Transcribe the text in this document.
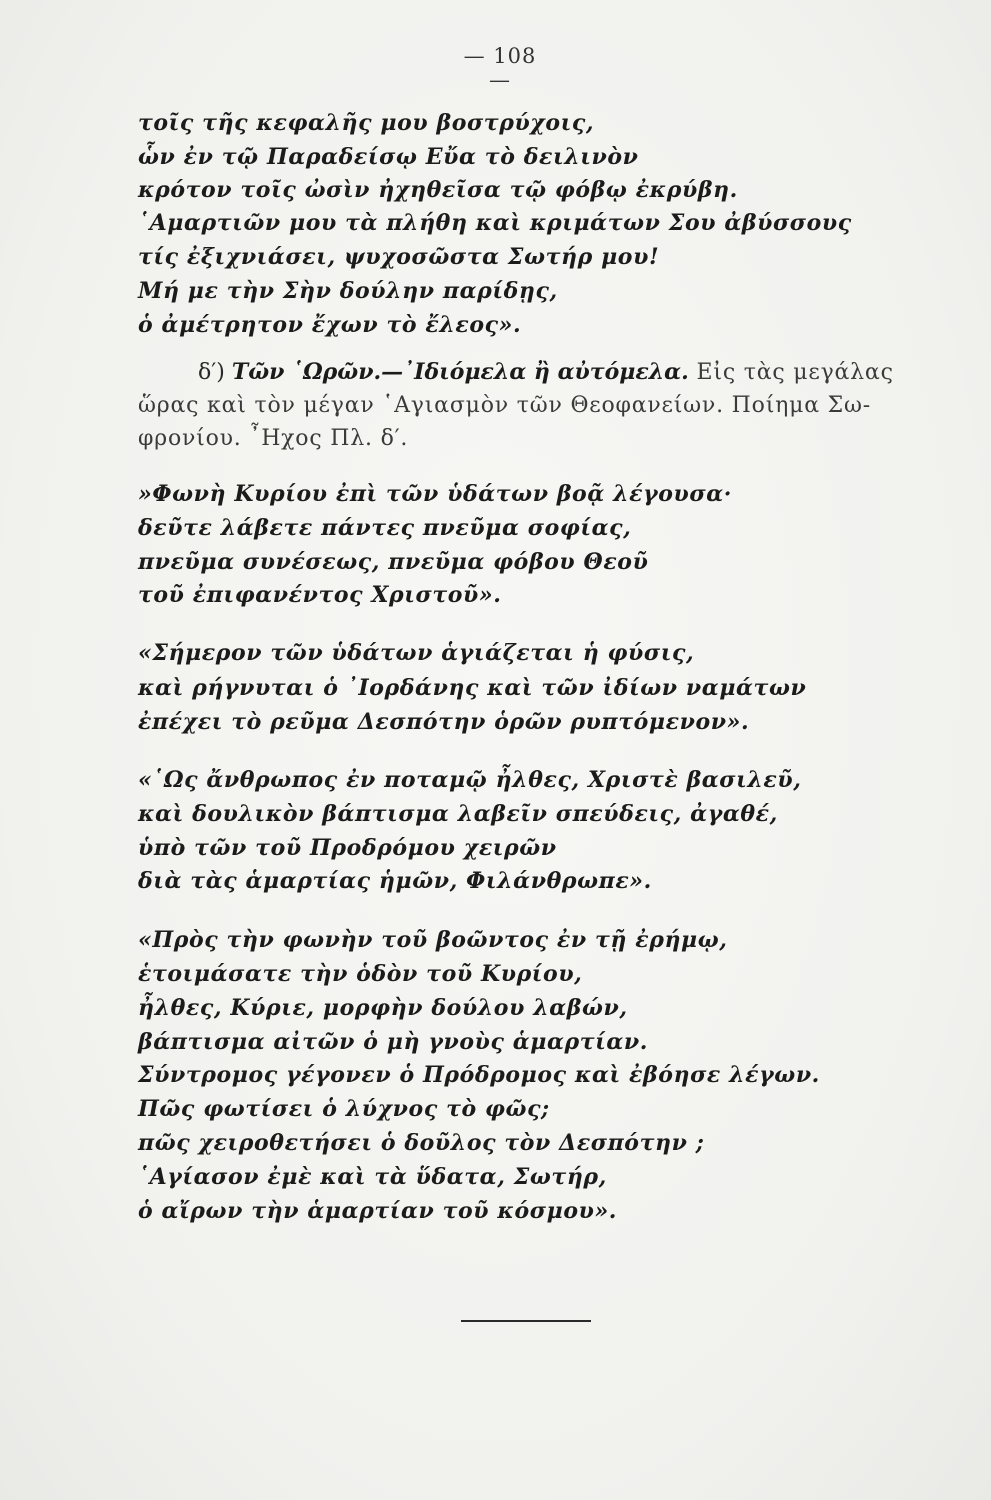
— 108 —
τοῖς τῆς κεφαλῆς μου βοστρύχοις,
ὧν ἐν τῷ Παραδείσῳ Εὔα τὸ δειλινὸν
κρότον τοῖς ὠσὶν ἠχηθεῖσα τῷ φόβῳ ἐκρύβη.
῾Αμαρτιῶν μου τὰ πλήθη καὶ κριμάτων Σου ἀβύσσους
τίς ἐξιχνιάσει, ψυχοσῶστα Σωτήρ μου!
Μή με τὴν Σὴν δούλην παρίδῃς,
ὁ ἀμέτρητον ἔχων τὸ ἔλεος».
δ′) Τῶν ῾Ωρῶν.—᾿Ιδιόμελα ἢ αὐτόμελα. Εἰς τὰς μεγάλας
ὥρας καὶ τὸν μέγαν ῾Αγιασμὸν τῶν Θεοφανείων. Ποίημα Σω-
φρονίου. ῏Ηχος Πλ. δ′.
»Φωνὴ Κυρίου ἐπὶ τῶν ὑδάτων βοᾷ λέγουσα·
δεῦτε λάβετε πάντες πνεῦμα σοφίας,
πνεῦμα συνέσεως, πνεῦμα φόβου Θεοῦ
τοῦ ἐπιφανέντος Χριστοῦ».
«Σήμερον τῶν ὑδάτων ἁγιάζεται ἡ φύσις,
καὶ ρήγνυται ὁ ᾿Ιορδάνης καὶ τῶν ἰδίων ναμάτων
ἐπέχει τὸ ρεῦμα Δεσπότην ὁρῶν ρυπτόμενον».
«῾Ως ἄνθρωπος ἐν ποταμῷ ἦλθες, Χριστὲ βασιλεῦ,
καὶ δουλικὸν βάπτισμα λαβεῖν σπεύδεις, ἀγαθέ,
ὑπὸ τῶν τοῦ Προδρόμου χειρῶν
διὰ τὰς ἁμαρτίας ἡμῶν, Φιλάνθρωπε».
«Πρὸς τὴν φωνὴν τοῦ βοῶντος ἐν τῇ ἐρήμῳ,
ἑτοιμάσατε τὴν ὁδὸν τοῦ Κυρίου,
ἦλθες, Κύριε, μορφὴν δούλου λαβών,
βάπτισμα αἰτῶν ὁ μὴ γνοὺς ἁμαρτίαν.
Σύντρομος γέγονεν ὁ Πρόδρομος καὶ ἐβόησε λέγων.
Πῶς φωτίσει ὁ λύχνος τὸ φῶς;
πῶς χειροθετήσει ὁ δοῦλος τὸν Δεσπότην ;
῾Αγίασον ἐμὲ καὶ τὰ ὕδατα, Σωτήρ,
ὁ αἴρων τὴν ἁμαρτίαν τοῦ κόσμου».
